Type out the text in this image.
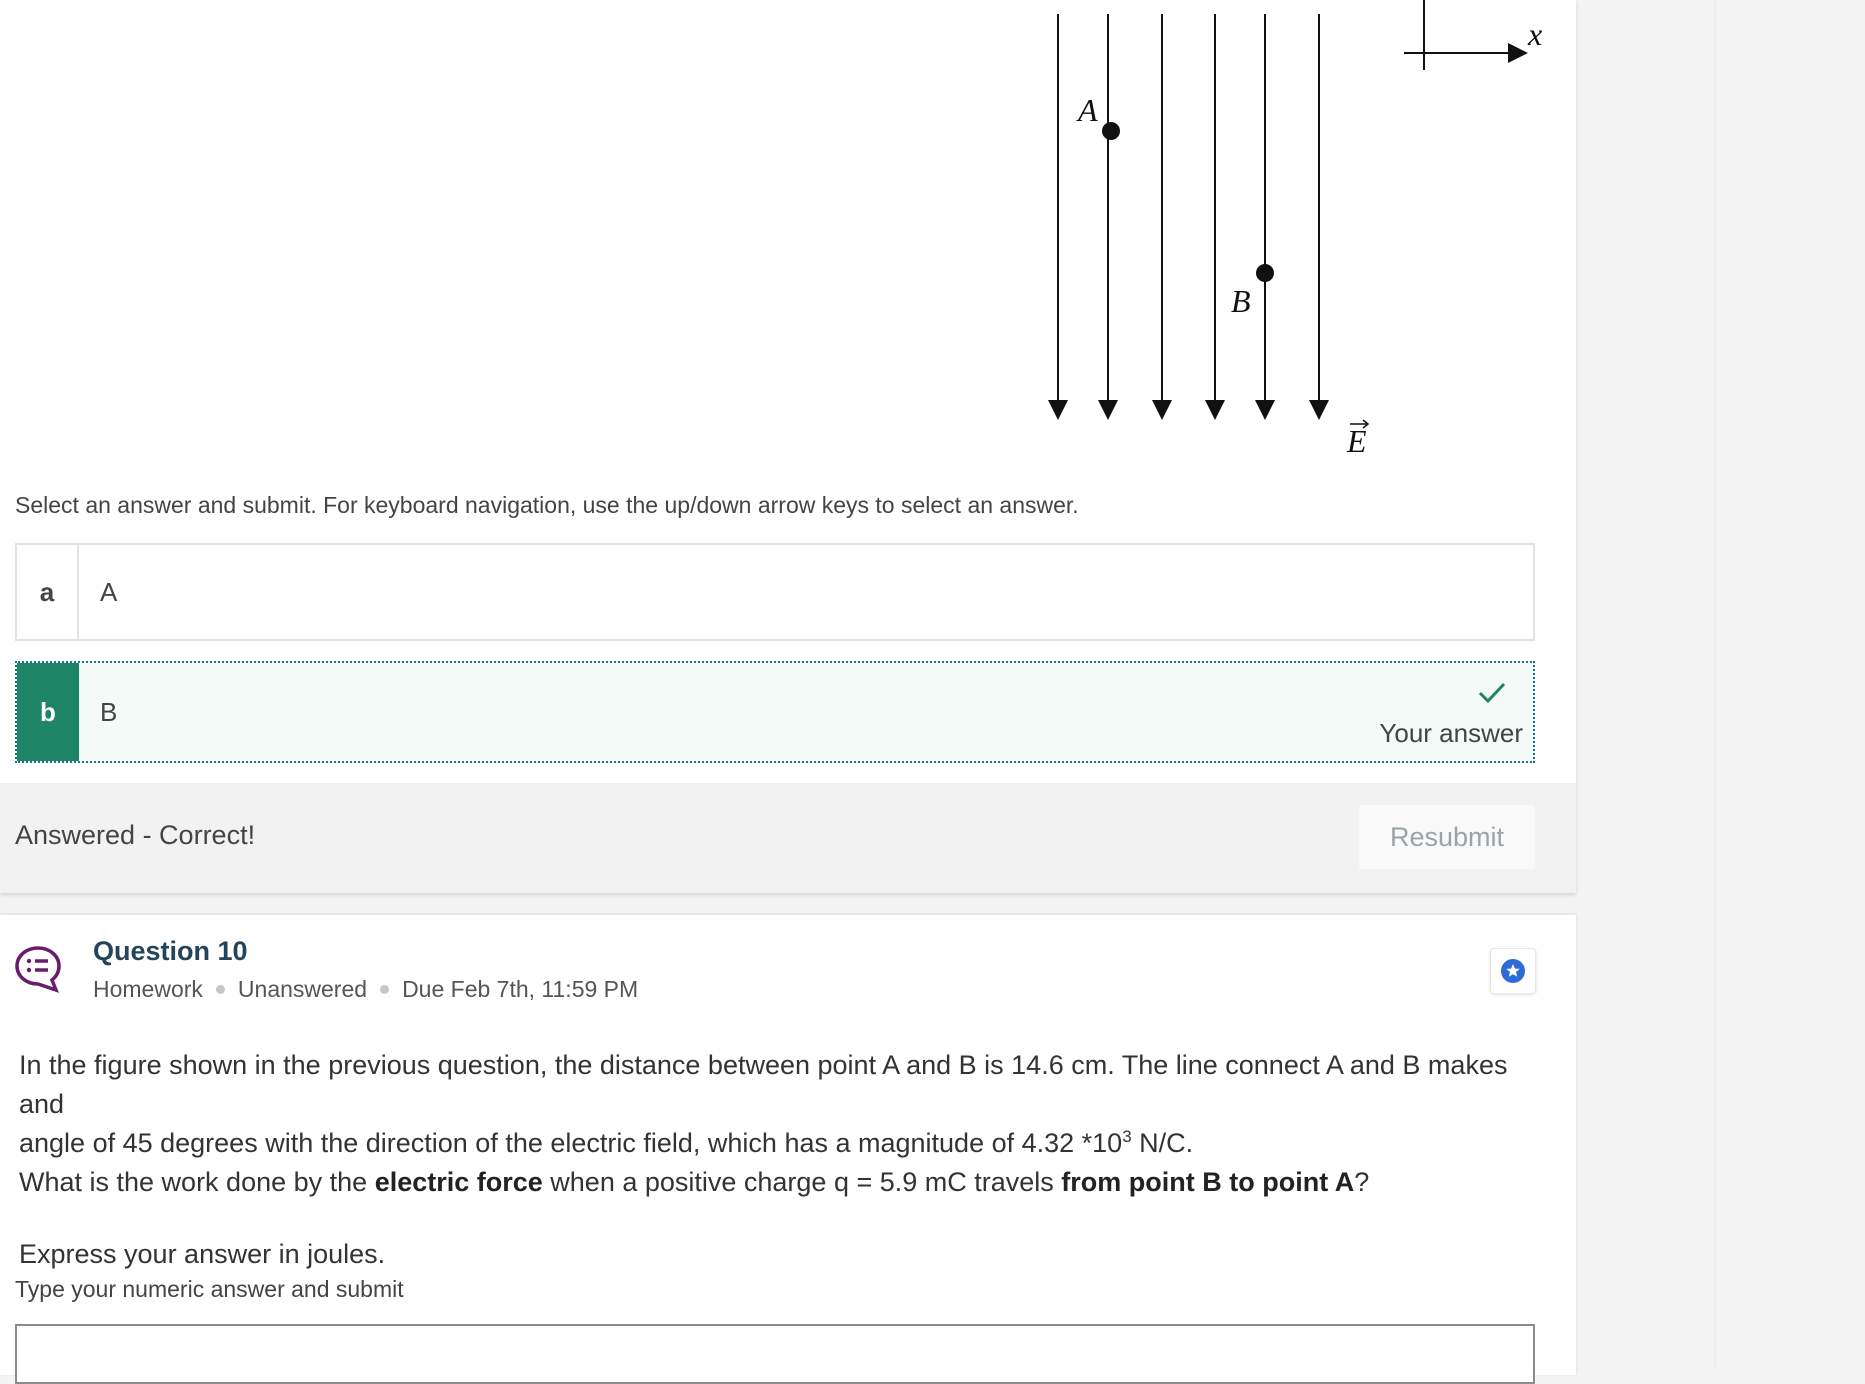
A
B
x
E
Select an answer and submit. For keyboard navigation, use the up/down arrow keys to select an answer.
a	A
b	B
Your answer
Answered - Correct!	Resubmit
Question 10
Homework Unanswered Due Feb 7th, 11:59 PM

In the figure shown in the previous question, the distance between point A and B is 14.6 cm. The line connect A and B makes and

angle of 45 degrees with the direction of the electric field, which has a magnitude of 4.32 $*10^3$ N/C.

What is the work done by the electric force when a positive charge q = 5.9 mC travels from point B to point A?

Express your answer in joules.

Type your numeric answer and submit
